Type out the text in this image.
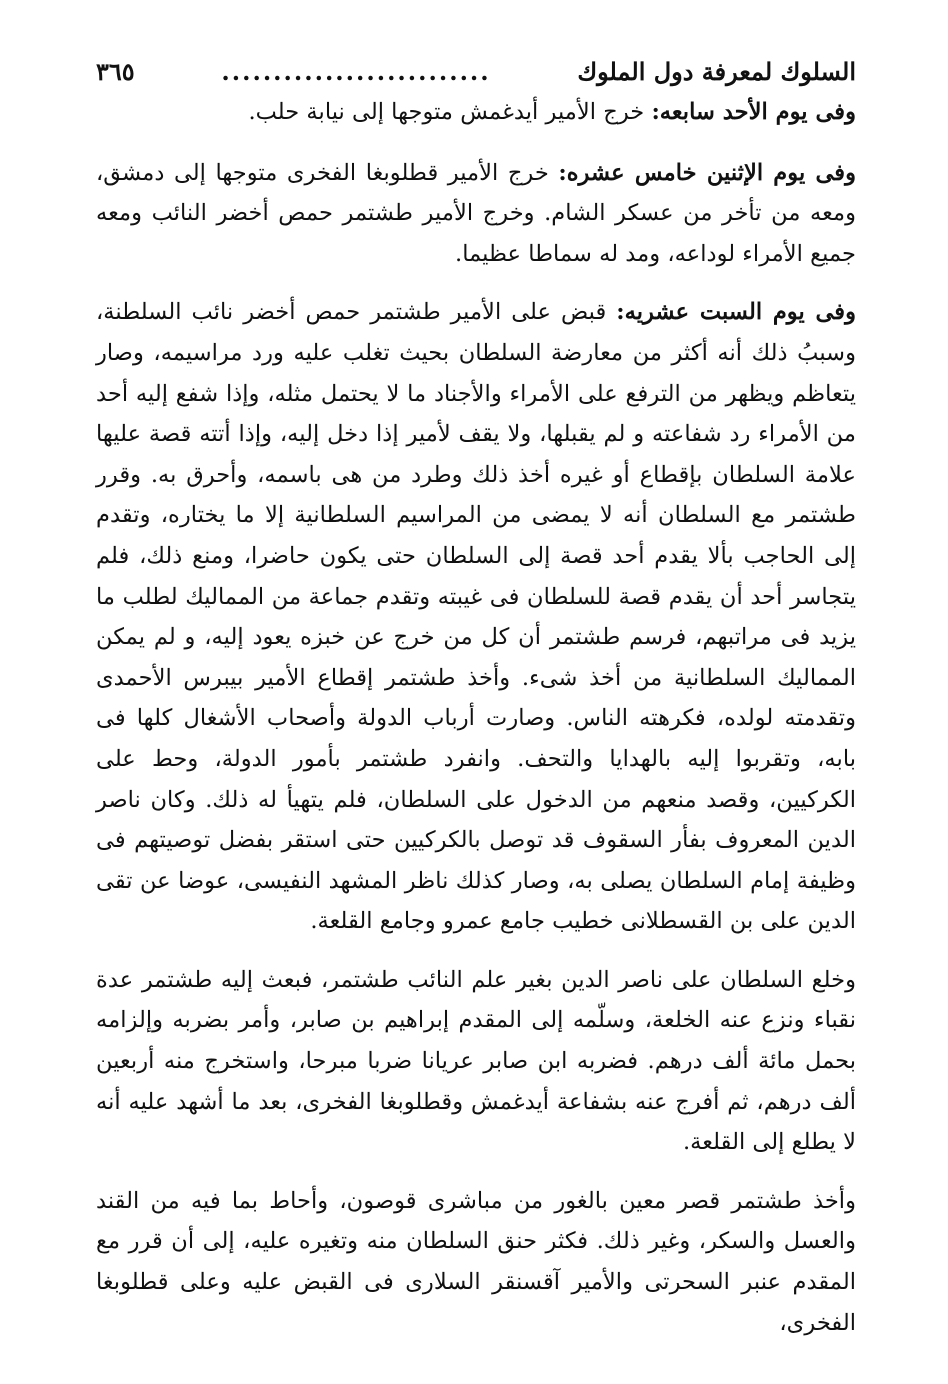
السلوك لمعرفة دول الملوك
..........................
٣٦٥

وفى يوم الأحد سابعه: خرج الأمير أيدغمش متوجها إلى نيابة حلب.

وفى يوم الإثنين خامس عشره: خرج الأمير قطلوبغا الفخرى متوجها إلى دمشق، ومعه من تأخر من عسكر الشام. وخرج الأمير طشتمر حمص أخضر النائب ومعه جميع الأمراء لوداعه، ومد له سماطا عظيما.

وفى يوم السبت عشريه: قبض على الأمير طشتمر حمص أخضر نائب السلطنة، وسببُ ذلك أنه أكثر من معارضة السلطان بحيث تغلب عليه ورد مراسيمه، وصار يتعاظم ويظهر من الترفع على الأمراء والأجناد ما لا يحتمل مثله، وإذا شفع إليه أحد من الأمراء رد شفاعته و لم يقبلها، ولا يقف لأمير إذا دخل إليه، وإذا أتته قصة عليها علامة السلطان بإقطاع أو غيره أخذ ذلك وطرد من هى باسمه، وأحرق به. وقرر طشتمر مع السلطان أنه لا يمضى من المراسيم السلطانية إلا ما يختاره، وتقدم إلى الحاجب بألا يقدم أحد قصة إلى السلطان حتى يكون حاضرا، ومنع ذلك، فلم يتجاسر أحد أن يقدم قصة للسلطان فى غيبته وتقدم جماعة من المماليك لطلب ما يزيد فى مراتبهم، فرسم طشتمر أن كل من خرج عن خبزه يعود إليه، و لم يمكن المماليك السلطانية من أخذ شىء. وأخذ طشتمر إقطاع الأمير بيبرس الأحمدى وتقدمته لولده، فكرهته الناس. وصارت أرباب الدولة وأصحاب الأشغال كلها فى بابه، وتقربوا إليه بالهدايا والتحف. وانفرد طشتمر بأمور الدولة، وحط على الكركيين، وقصد منعهم من الدخول على السلطان، فلم يتهيأ له ذلك. وكان ناصر الدين المعروف بفأر السقوف قد توصل بالكركيين حتى استقر بفضل توصيتهم فى وظيفة إمام السلطان يصلى به، وصار كذلك ناظر المشهد النفيسى، عوضا عن تقى الدين على بن القسطلانى خطيب جامع عمرو وجامع القلعة.

وخلع السلطان على ناصر الدين بغير علم النائب طشتمر، فبعث إليه طشتمر عدة نقباء ونزع عنه الخلعة، وسلّمه إلى المقدم إبراهيم بن صابر، وأمر بضربه وإلزامه بحمل مائة ألف درهم. فضربه ابن صابر عريانا ضربا مبرحا، واستخرج منه أربعين ألف درهم، ثم أفرج عنه بشفاعة أيدغمش وقطلوبغا الفخرى، بعد ما أشهد عليه أنه لا يطلع إلى القلعة.

وأخذ طشتمر قصر معين بالغور من مباشرى قوصون، وأحاط بما فيه من القند والعسل والسكر، وغير ذلك. فكثر حنق السلطان منه وتغيره عليه، إلى أن قرر مع المقدم عنبر السحرتى والأمير آقسنقر السلارى فى القبض عليه وعلى قطلوبغا الفخرى،
